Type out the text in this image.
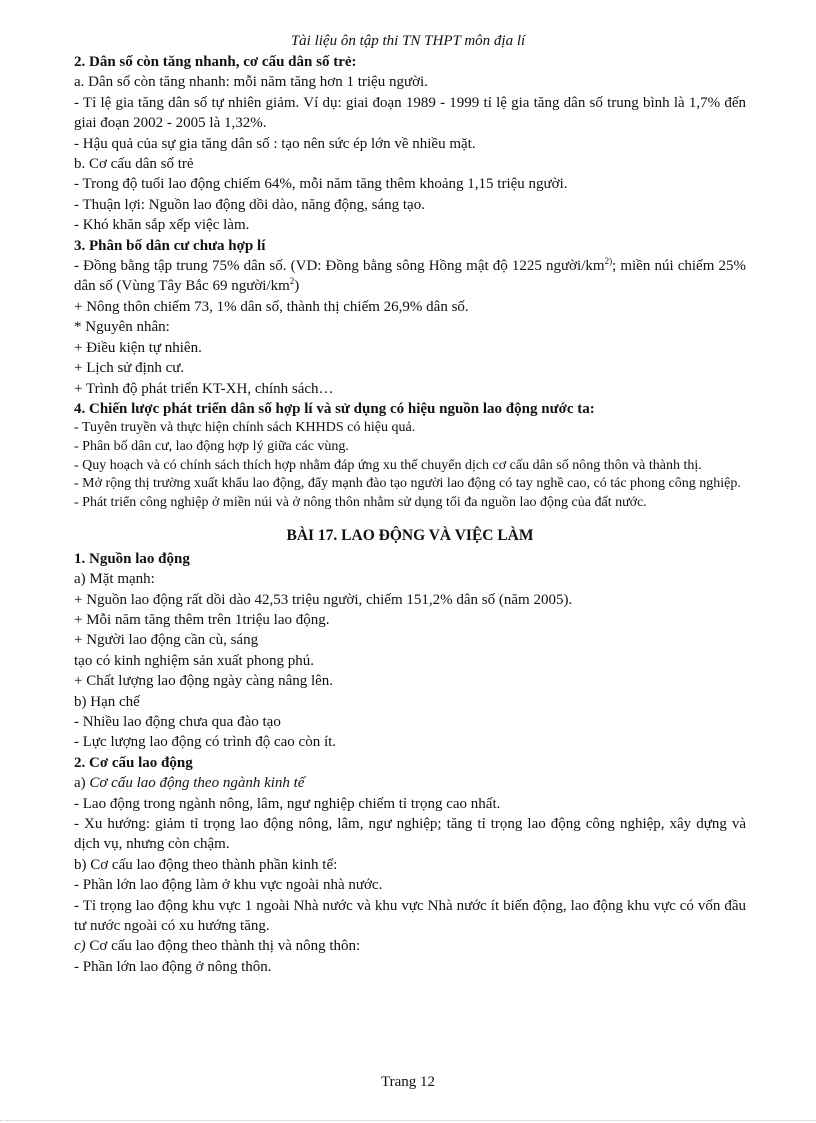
Tài liệu ôn tập thi TN THPT môn địa lí

2. Dân số còn tăng nhanh, cơ cấu dân số trẻ:

a. Dân số còn tăng nhanh: mỗi năm tăng hơn 1 triệu người.

- Tỉ lệ gia tăng dân số tự nhiên giảm. Ví dụ: giai đoạn 1989 - 1999 tỉ lệ gia tăng dân số trung bình là 1,7% đến giai đoạn 2002 - 2005 là 1,32%.

- Hậu quả của sự gia tăng dân số : tạo nên sức ép lớn về nhiều mặt.

b. Cơ cấu dân số trẻ

- Trong độ tuổi lao động chiếm 64%, mỗi năm tăng thêm khoảng 1,15 triệu người.

- Thuận lợi: Nguồn lao động dồi dào, năng động, sáng tạo.

- Khó khăn sắp xếp việc làm.

3. Phân bố dân cư chưa hợp lí

- Đồng bằng tập trung 75% dân số. (VD: Đồng bằng sông Hồng mật độ 1225 người/$km^{2)}$; miền núi chiếm 25% dân số (Vùng Tây Bắc 69 người/$km^2$)

+ Nông thôn chiếm 73, 1% dân số, thành thị chiếm 26,9% dân số.

* Nguyên nhân:

+ Điều kiện tự nhiên.

+ Lịch sử định cư.

+ Trình độ phát triển KT-XH, chính sách…

4. Chiến lược phát triển dân số hợp lí và sử dụng có hiệu nguồn lao động nước ta:

- Tuyên truyền và thực hiện chính sách KHHDS có hiệu quả.

- Phân bố dân cư, lao động hợp lý giữa các vùng.

- Quy hoạch và có chính sách thích hợp nhằm đáp ứng xu thế chuyển dịch cơ cấu dân số nông thôn và thành thị.

- Mở rộng thị trường xuất khẩu lao động, đẩy mạnh đào tạo người lao động có tay nghề cao, có tác phong công nghiệp.

- Phát triển công nghiệp ở miền núi và ở nông thôn nhằm sử dụng tối đa nguồn lao động của đất nước.

BÀI 17. LAO ĐỘNG VÀ VIỆC LÀM

1. Nguồn lao động

a) Mặt mạnh:

+ Nguồn lao động rất dồi dào 42,53 triệu người, chiếm 151,2% dân số (năm 2005).

+ Mỗi năm tăng thêm trên 1triệu lao động.

+ Người lao động cần cù, sáng

tạo có kinh nghiệm sản xuất phong phú.

+ Chất lượng lao động ngày càng nâng lên.

b) Hạn chế

- Nhiều lao động chưa qua đào tạo

- Lực lượng lao động có trình độ cao còn ít.

2. Cơ cấu lao động

a) Cơ cấu lao động theo ngành kinh tế

- Lao động trong ngành nông, lâm, ngư nghiệp chiếm tỉ trọng cao nhất.

- Xu hướng: giảm tỉ trọng lao động nông, lâm, ngư nghiệp; tăng tỉ trọng lao động công nghiệp, xây dựng và dịch vụ, nhưng còn chậm.

b) Cơ cấu lao động theo thành phần kinh tế:

- Phần lớn lao động làm ở khu vực ngoài nhà nước.

- Tỉ trọng lao động khu vực 1 ngoài Nhà nước và khu vực Nhà nước ít biến động, lao động khu vực có vốn đầu tư nước ngoài có xu hướng tăng.

c) Cơ cấu lao động theo thành thị và nông thôn:

- Phần lớn lao động ở nông thôn.

Trang 12
